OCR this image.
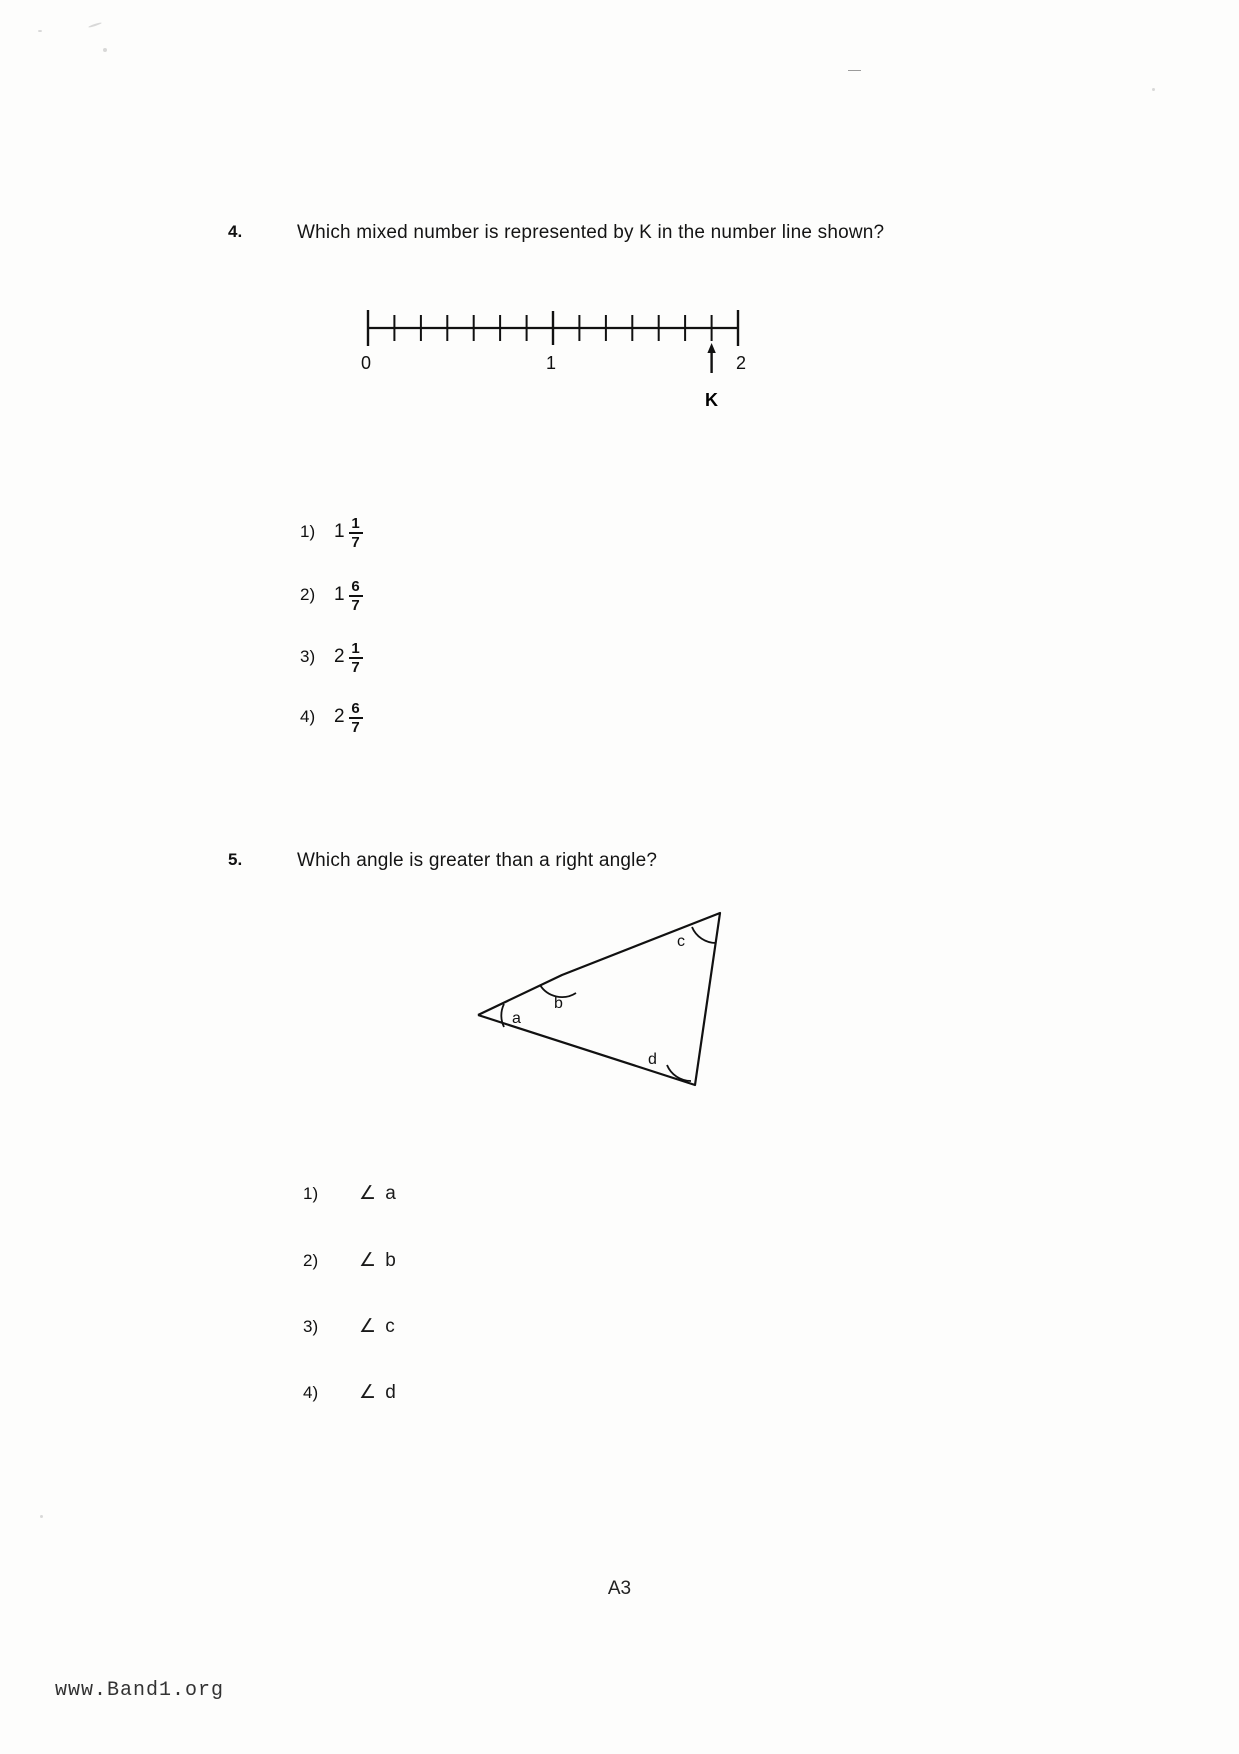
―
4.	Which mixed number is represented by K in the number line shown?
0	1	2
K
1) $1 \frac{1}{7}$
2) $1 \frac{6}{7}$
3) $2 \frac{1}{7}$
4) $2 \frac{6}{7}$
5.	Which angle is greater than a right angle?
a
b
c
d
1)	∠ a
2)	∠ b
3)	∠ c
4)	∠ d
A3
www.Band1.org
